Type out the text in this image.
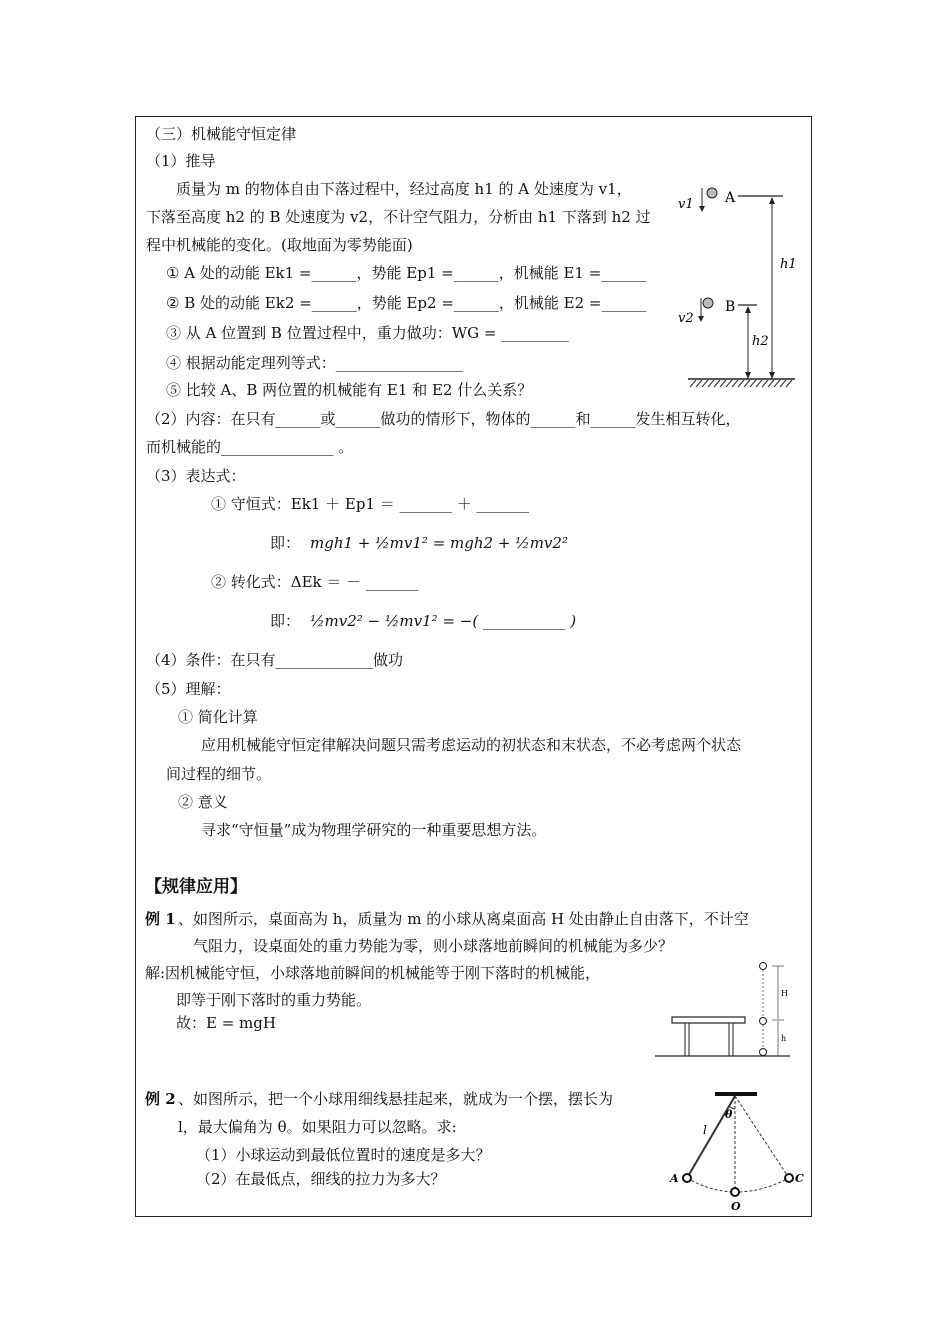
（三）机械能守恒定律
（1）推导
质量为 m 的物体自由下落过程中，经过高度 h1 的 A 处速度为 v1，
下落至高度 h2 的 B 处速度为 v2，不计空气阻力，分析由 h1 下落到 h2 过
程中机械能的变化。(取地面为零势能面)
① A 处的动能 Ek1 =______，势能 Ep1 =______，机械能 E1 =______
② B 处的动能 Ek2 =______，势能 Ep2 =______，机械能 E2 =______
③ 从 A 位置到 B 位置过程中，重力做功：WG = _________
④ 根据动能定理列等式：_________________
⑤ 比较 A、B 两位置的机械能有 E1 和 E2 什么关系？
v1 A
v2
B
h1
h2
（2）内容：在只有______或______做功的情形下，物体的______和______发生相互转化，
而机械能的_______________ 。
（3）表达式：
① 守恒式：Ek1 ＋ Ep1 ＝ _______ ＋ _______
即： mgh1 + ½mv1² = mgh2 + ½mv2²
② 转化式：ΔEk ＝ － _______
即： ½mv2² − ½mv1² = −( ___________ )
（4）条件：在只有_____________做功
（5）理解：
① 简化计算
应用机械能守恒定律解决问题只需考虑运动的初状态和末状态，不必考虑两个状态
间过程的细节。
② 意义
寻求“守恒量”成为物理学研究的一种重要思想方法。
【规律应用】
例 1 、如图所示，桌面高为 h，质量为 m 的小球从离桌面高 H 处由静止自由落下，不计空
气阻力，设桌面处的重力势能为零，则小球落地前瞬间的机械能为多少？
解:因机械能守恒，小球落地前瞬间的机械能等于刚下落时的机械能，
即等于刚下落时的重力势能。
故：E = mgH
H
h
例 2 、如图所示，把一个小球用细线悬挂起来，就成为一个摆，摆长为
l，最大偏角为 θ。如果阻力可以忽略。求:
（1）小球运动到最低位置时的速度是多大？
（2）在最低点，细线的拉力为多大？
θ
l
A	C
O
